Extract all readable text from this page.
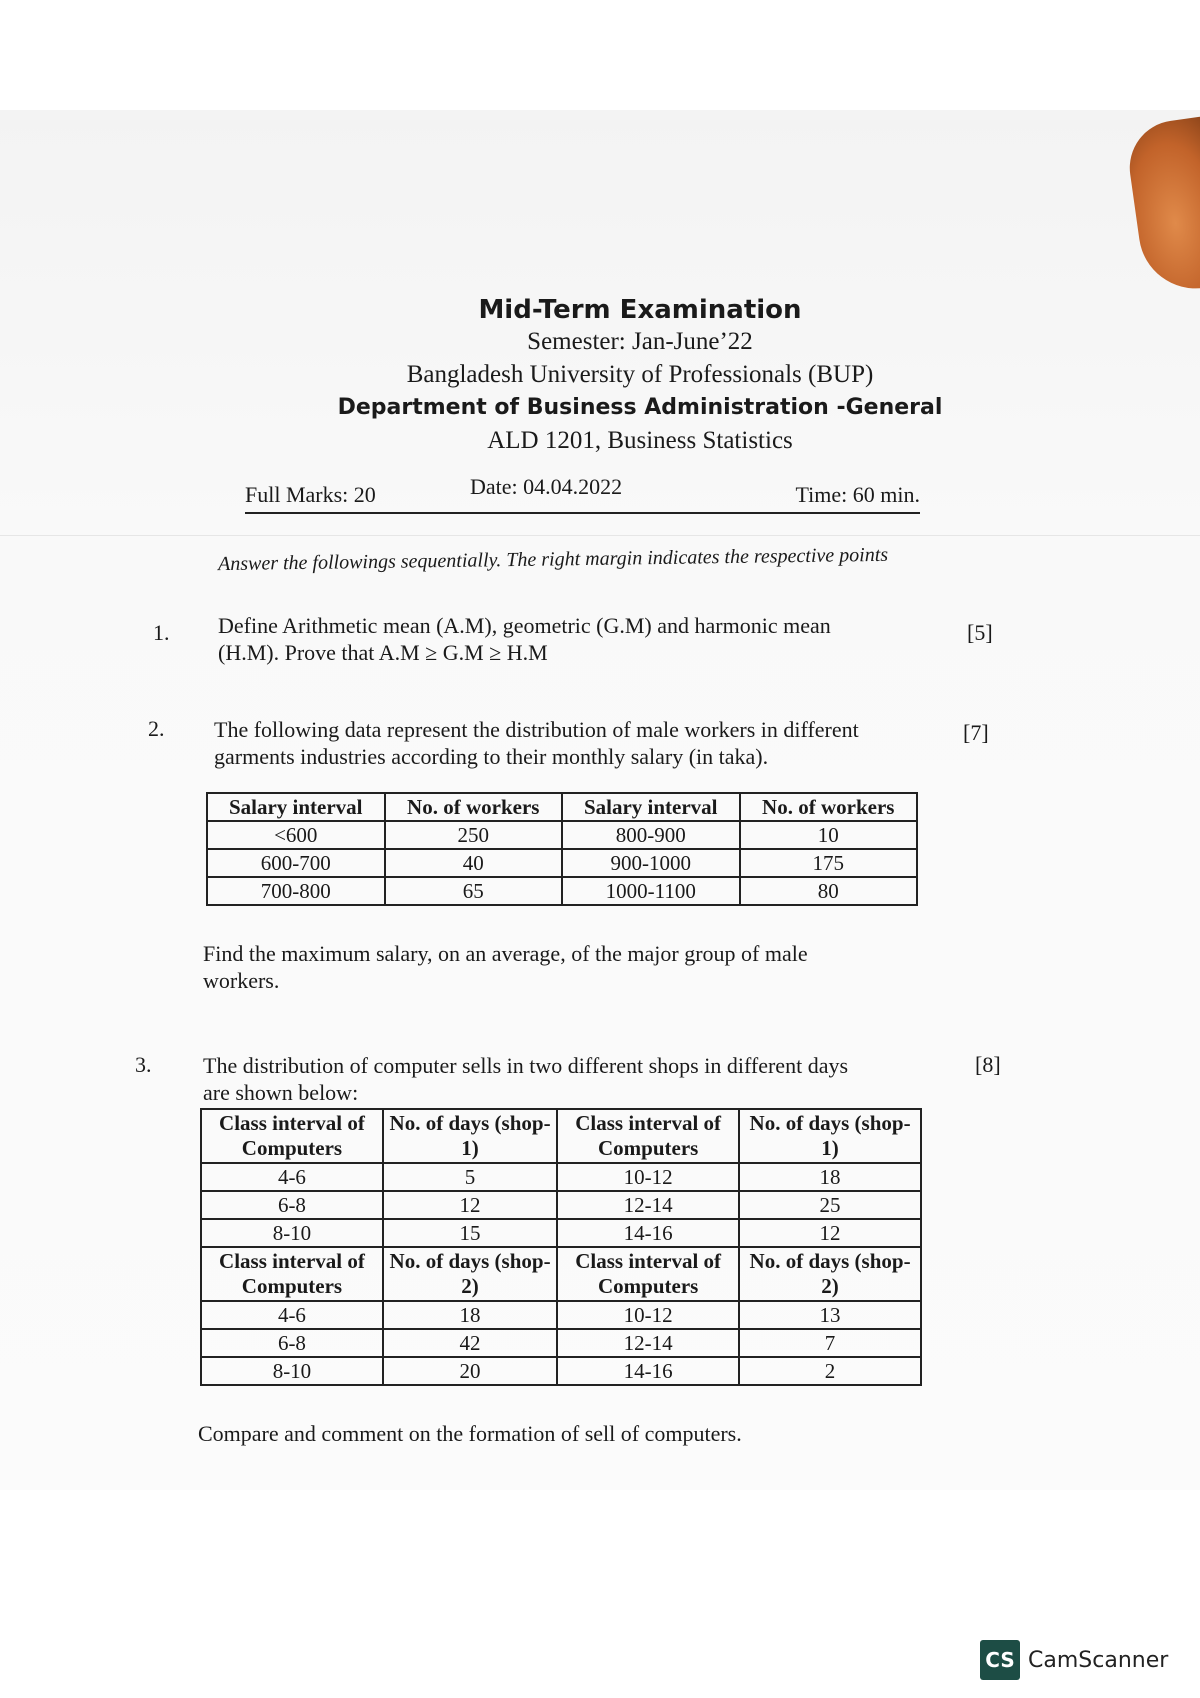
Mid-Term Examination
Semester: Jan-June’22
Bangladesh University of Professionals (BUP)
Department of Business Administration -General
ALD 1201, Business Statistics
Full Marks: 20	Date: 04.04.2022	Time: 60 min.
Answer the followings sequentially. The right margin indicates the respective points
1. Define Arithmetic mean (A.M), geometric (G.M) and harmonic mean
(H.M). Prove that A.M ≥ G.M ≥ H.M
[5]
2. The following data represent the distribution of male workers in different
garments industries according to their monthly salary (in taka).
[7]
Salary interval	No. of workers	Salary interval	No. of workers
<600	250	800-900	10
600-700	40	900-1000	175
700-800	65	1000-1100	80
Find the maximum salary, on an average, of the major group of male
workers.
3. The distribution of computer sells in two different shops in different days
are shown below:
[8]
Class interval of Computers	No. of days (shop-1)	Class interval of Computers	No. of days (shop-1)
4-6	5	10-12	18
6-8	12	12-14	25
8-10	15	14-16	12
Class interval of Computers	No. of days (shop-2)	Class interval of Computers	No. of days (shop-2)
4-6	18	10-12	13
6-8	42	12-14	7
8-10	20	14-16	2
Compare and comment on the formation of sell of computers.
CS CamScanner
